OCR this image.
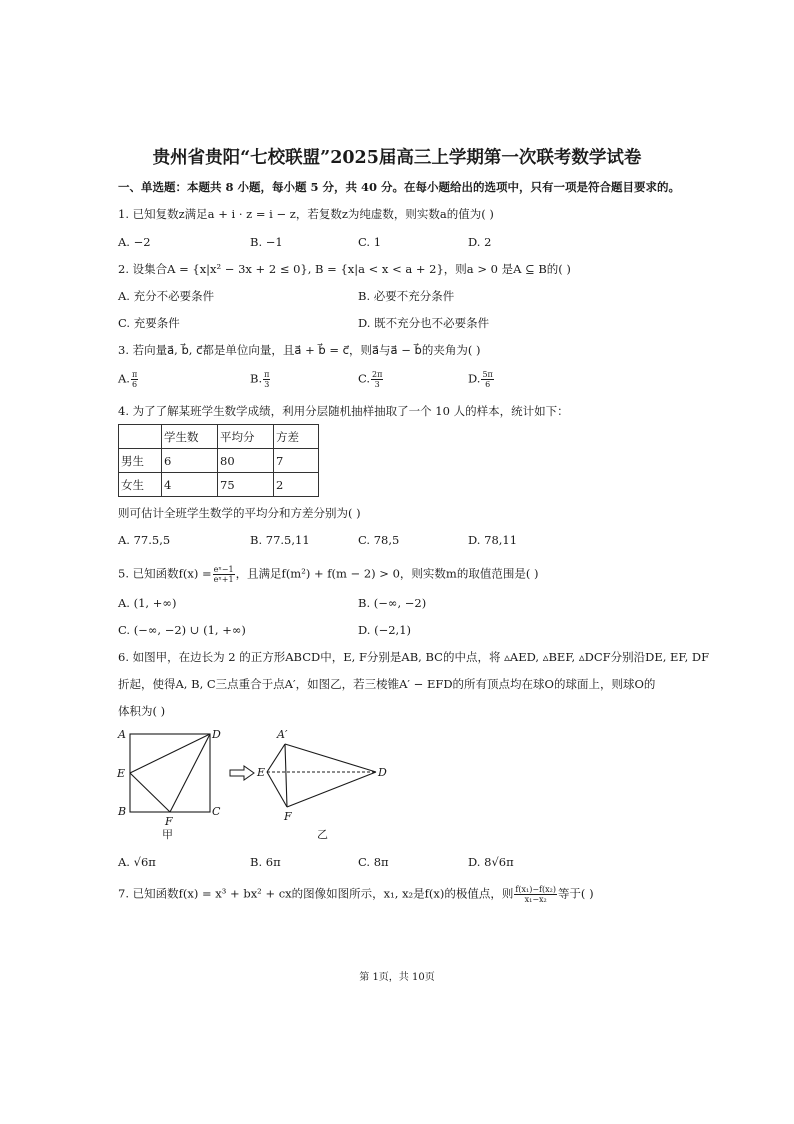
贵州省贵阳“七校联盟”2025届高三上学期第一次联考数学试卷
一、单选题：本题共 8 小题，每小题 5 分，共 40 分。在每小题给出的选项中，只有一项是符合题目要求的。
1. 已知复数z满足a + i · z = i − z，若复数z为纯虚数，则实数a的值为( )
A. −2	B. −1	C. 1	D. 2
2. 设集合A = {x|x² − 3x + 2 ≤ 0}, B = {x|a < x < a + 2}，则a > 0 是A ⊆ B的( )
A. 充分不必要条件	B. 必要不充分条件
C. 充要条件	D. 既不充分也不必要条件
3. 若向量a⃗, b⃗, c⃗都是单位向量，且a⃗ + b⃗ = c⃗，则a⃗与a⃗ − b⃗的夹角为( )
A. $\frac{\pi}{6}$	B. $\frac{\pi}{3}$	C. $\frac{2\pi}{3}$	D. $\frac{5\pi}{6}$
4. 为了了解某班学生数学成绩，利用分层随机抽样抽取了一个 10 人的样本，统计如下：
	学生数	平均分	方差
男生	6	80	7
女生	4	75	2
则可估计全班学生数学的平均分和方差分别为( )
A. 77.5,5	B. 77.5,11	C. 78,5	D. 78,11
5. 已知函数$f(x) = \frac{\text{eˣ−1}}{\text{eˣ+1}}$ ，且满足f(m²) + f(m − 2) > 0，则实数m的取值范围是( )
A. (1, +∞)	B. (−∞, −2)
C. (−∞, −2) ∪ (1, +∞)	D. (−2,1)
6. 如图甲，在边长为 2 的正方形ABCD中，E, F分别是AB, BC的中点，将 ▵AED, ▵BEF, ▵DCF分别沿DE, EF, DF
折起，使得A, B, C三点重合于点A′，如图乙，若三棱锥A′ − EFD的所有顶点均在球O的球面上，则球O的
体积为( )
A	D
E
B	C
F
甲
A′
D
E
F
乙
A. √6π	B. 6π	C. 8π	D. 8√6π
7. 已知函数f(x) = x³ + bx² + cx的图像如图所示，x₁, x₂是f(x)的极值点，则 $\frac{\text{f(x₁)−f(x₂)}}{\text{x₁−x₂}}$ 等于( )
第 1页，共 10页
